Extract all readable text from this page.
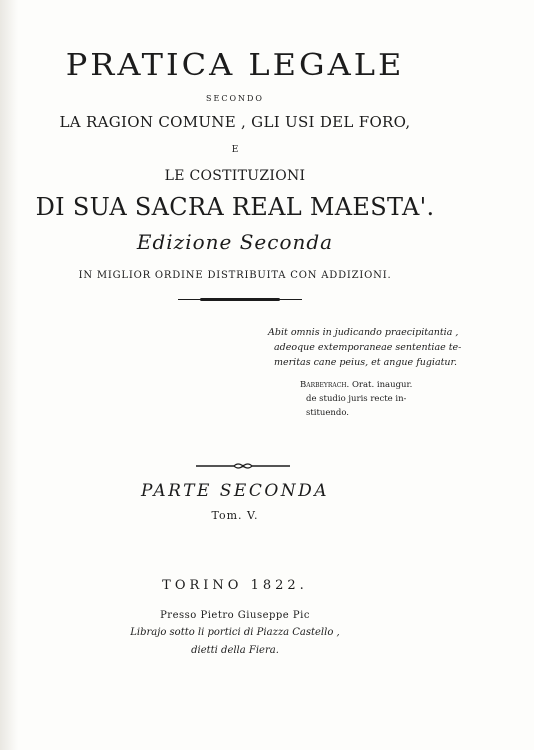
PRATICA LEGALE
SECONDO
LA RAGION COMUNE , GLI USI DEL FORO,
E
LE COSTITUZIONI
DI SUA SACRA REAL MAESTA'.
Edizione Seconda
IN MIGLIOR ORDINE DISTRIBUITA CON ADDIZIONI.
Abit omnis in judicando praecipitantia ,
adeoque extemporaneae sententiae te-
meritas cane peius, et angue fugiatur.
Barbeyrach. Orat. inaugur.
de studio juris recte in-
stituendo.
PARTE SECONDA
Tom. V.
TORINO 1822.
Presso Pietro Giuseppe Pic
Librajo sotto li portici di Piazza Castello ,
dietti della Fiera.
